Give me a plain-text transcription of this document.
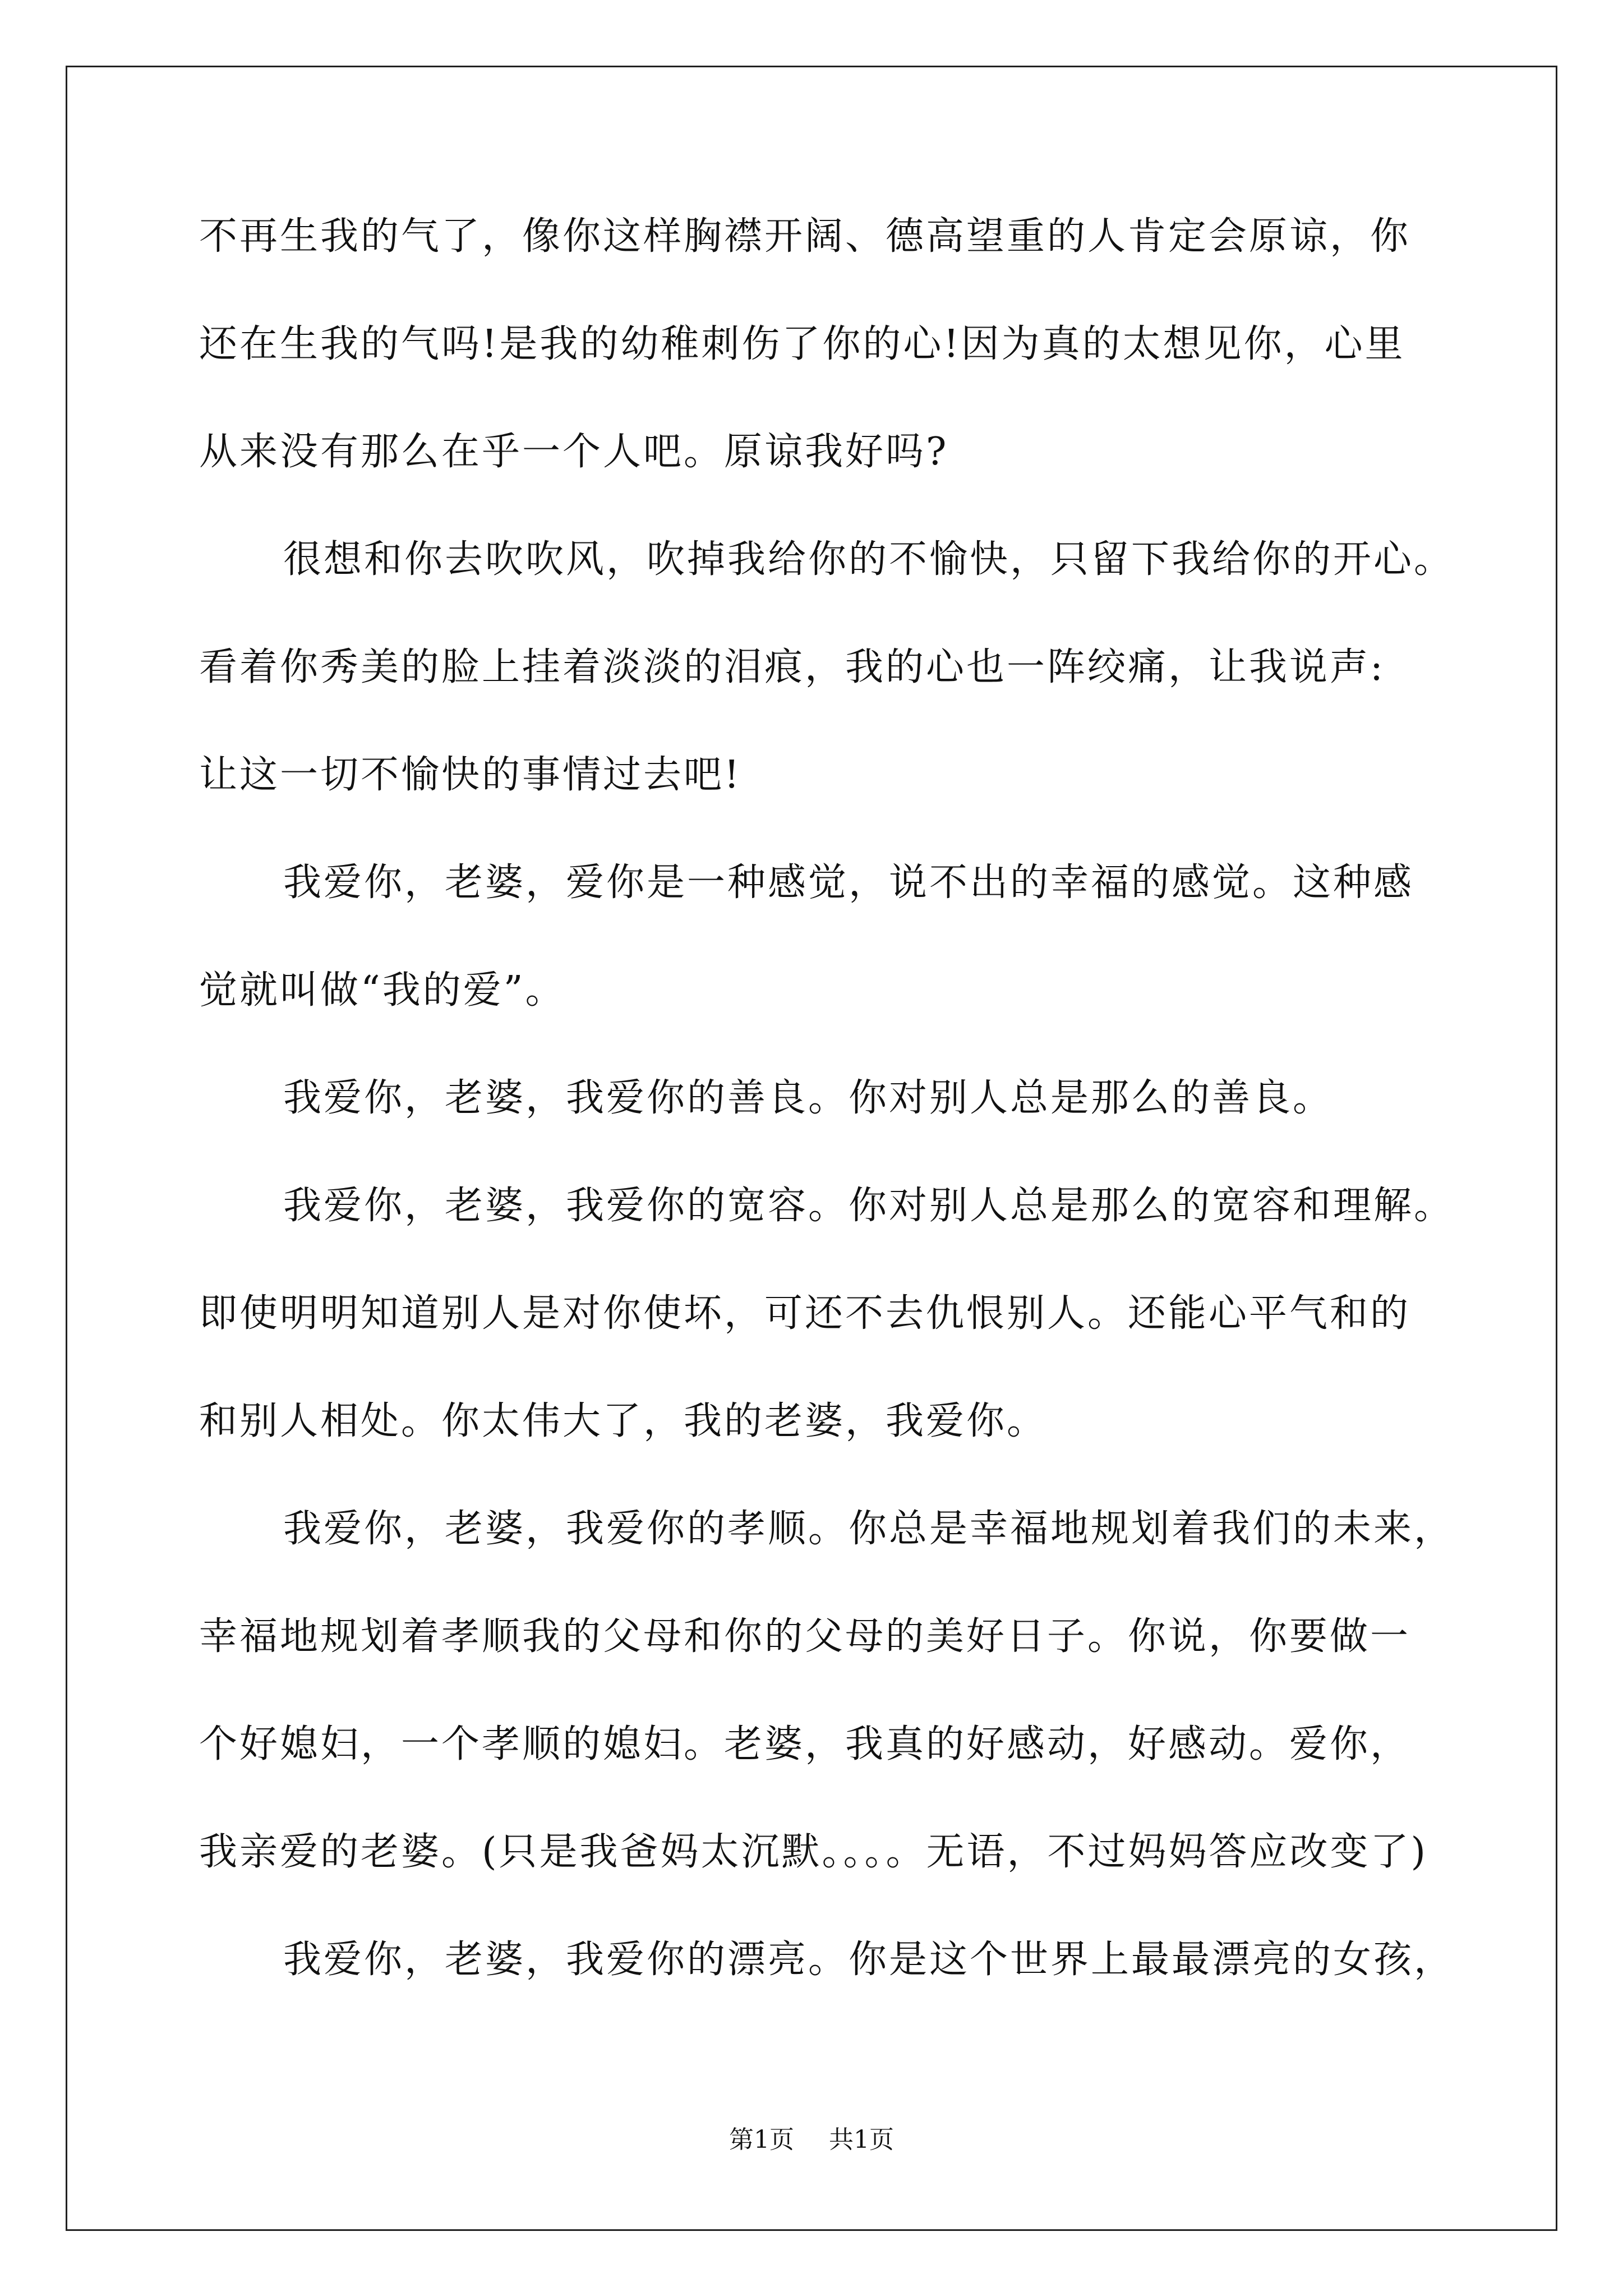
不再生我的气了，像你这样胸襟开阔、德高望重的人肯定会原谅，你
还在生我的气吗!是我的幼稚刺伤了你的心!因为真的太想见你，心里
从来没有那么在乎一个人吧。原谅我好吗?
很想和你去吹吹风，吹掉我给你的不愉快，只留下我给你的开心。
看着你秀美的脸上挂着淡淡的泪痕，我的心也一阵绞痛，让我说声:
让这一切不愉快的事情过去吧!
我爱你，老婆，爱你是一种感觉，说不出的幸福的感觉。这种感
觉就叫做“我的爱”。
我爱你，老婆，我爱你的善良。你对别人总是那么的善良。
我爱你，老婆，我爱你的宽容。你对别人总是那么的宽容和理解。
即使明明知道别人是对你使坏，可还不去仇恨别人。还能心平气和的
和别人相处。你太伟大了，我的老婆，我爱你。
我爱你，老婆，我爱你的孝顺。你总是幸福地规划着我们的未来，
幸福地规划着孝顺我的父母和你的父母的美好日子。你说，你要做一
个好媳妇，一个孝顺的媳妇。老婆，我真的好感动，好感动。爱你，
我亲爱的老婆。(只是我爸妈太沉默。。。。无语，不过妈妈答应改变了)
我爱你，老婆，我爱你的漂亮。你是这个世界上最最漂亮的女孩，
第1页 共1页
